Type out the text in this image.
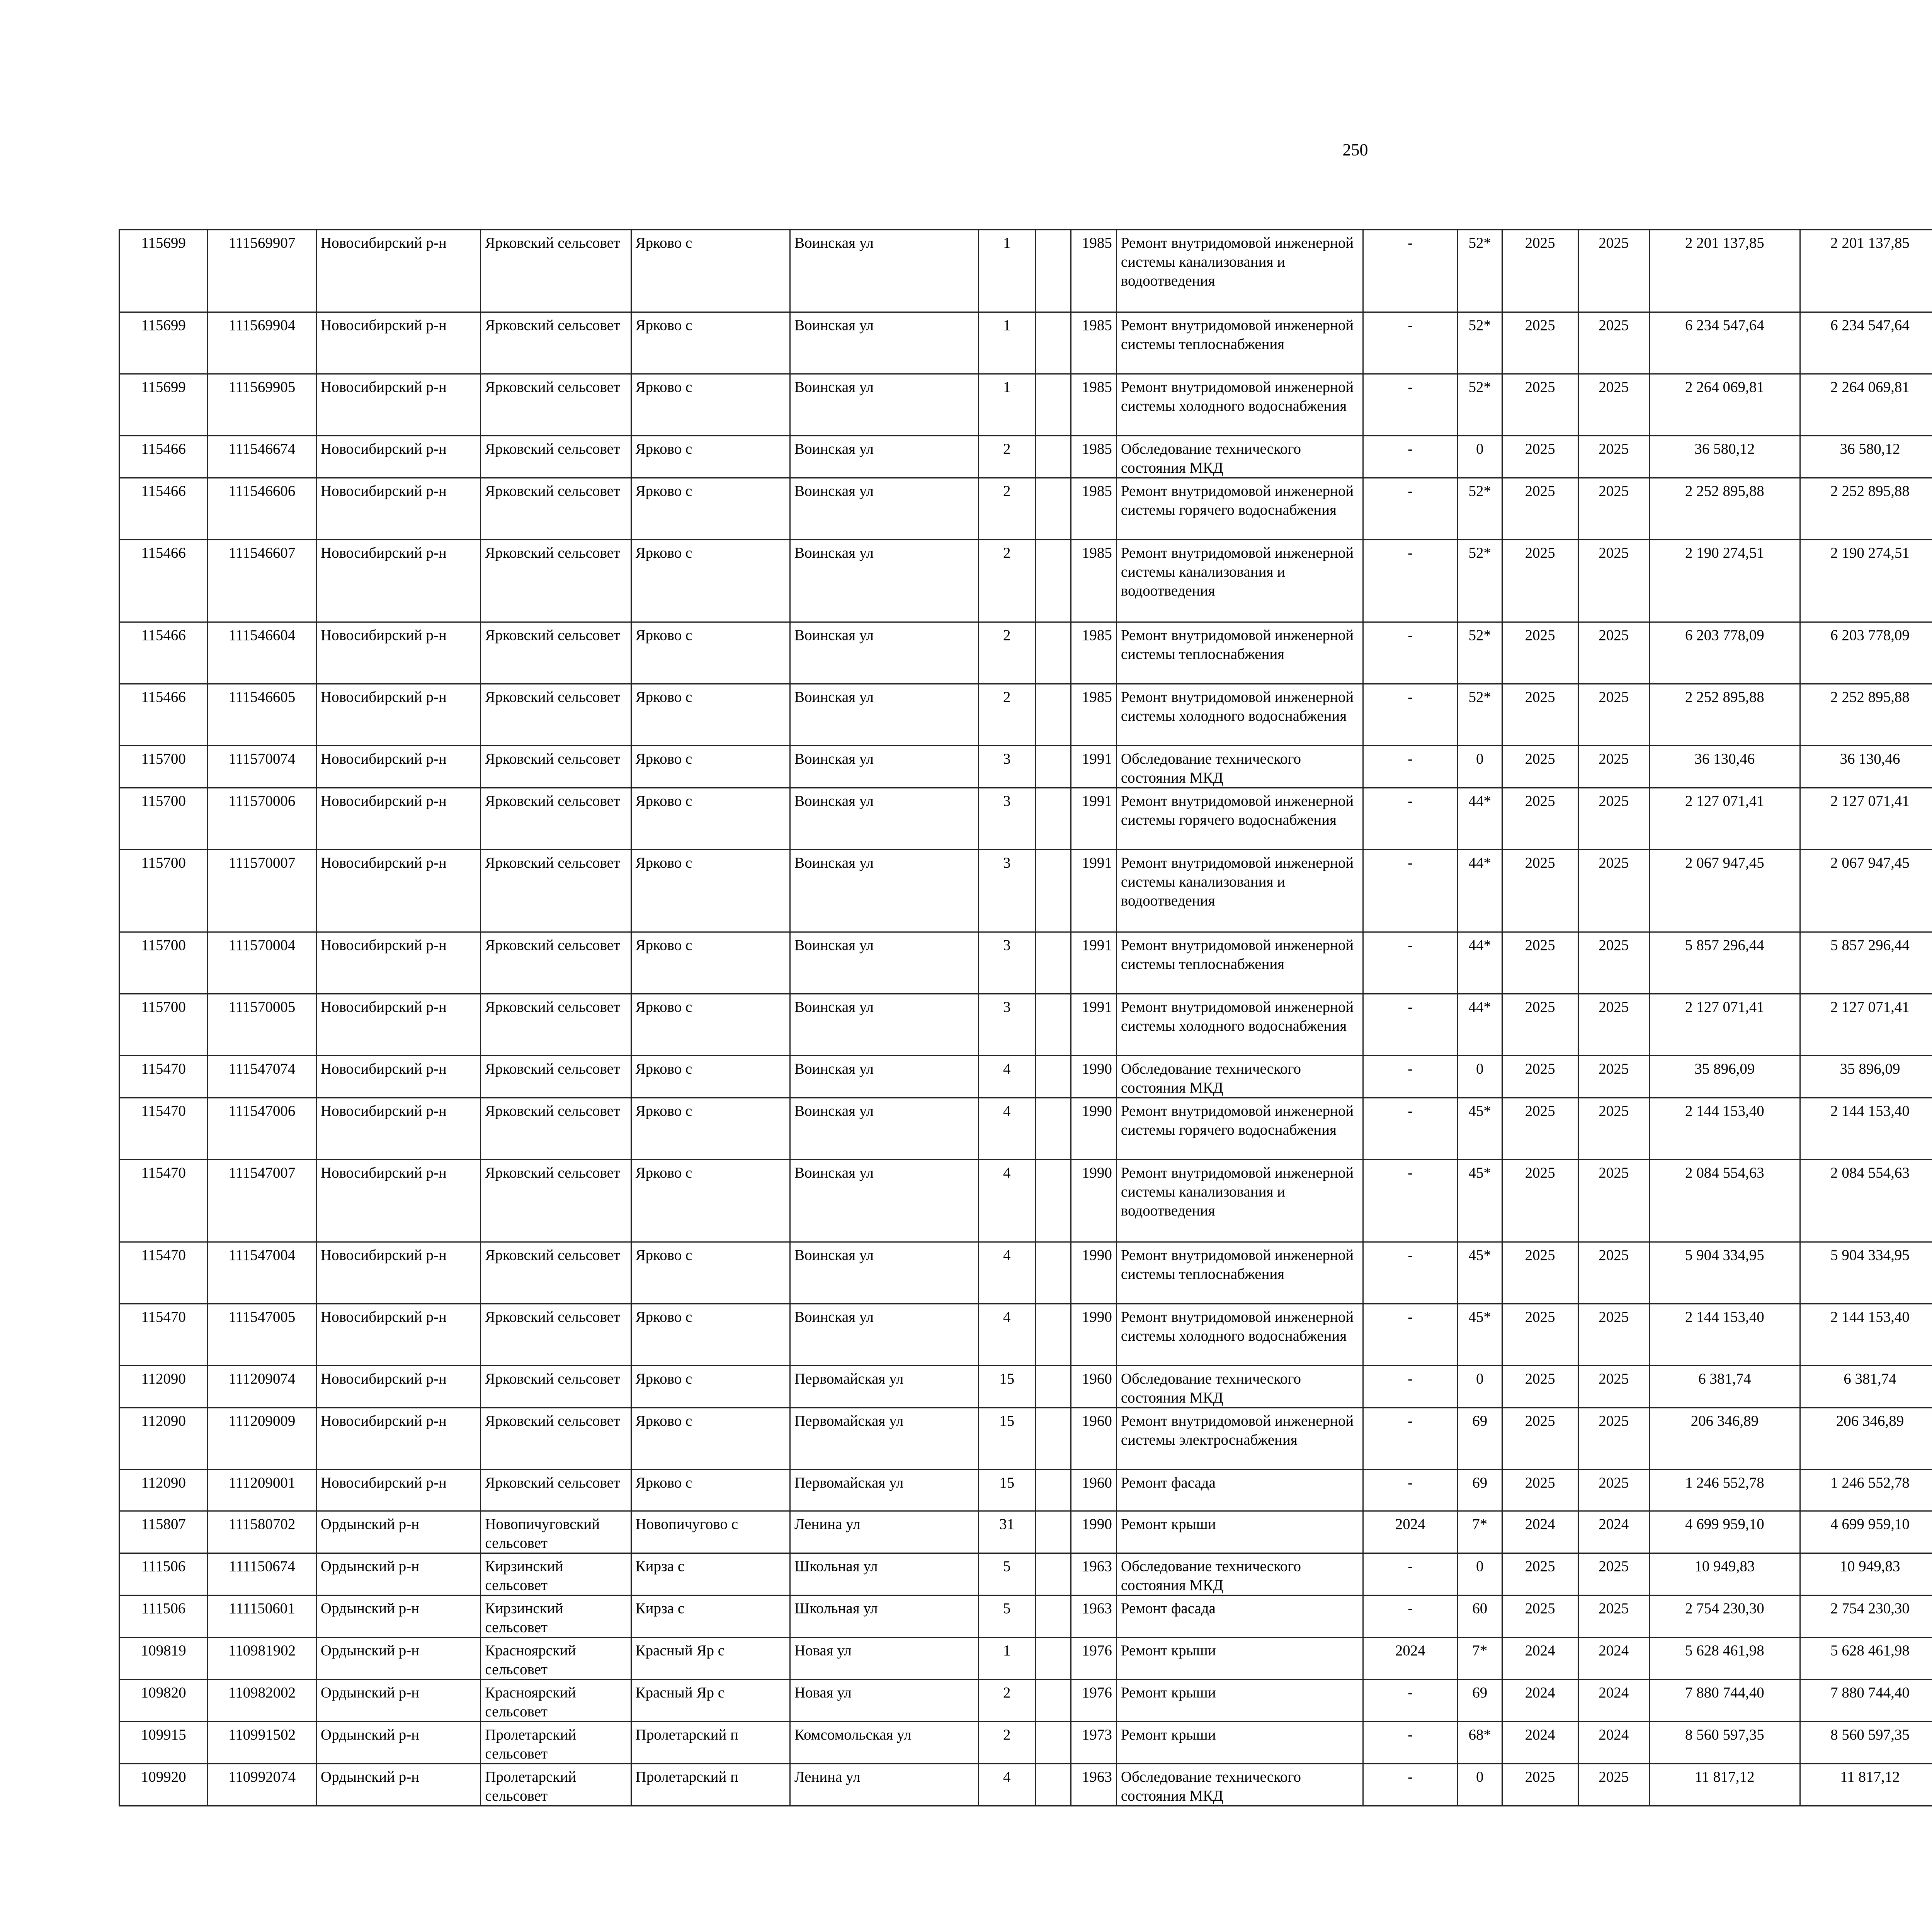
250
115699	111569907	Новосибирский р-н	Ярковский сельсовет	Ярково с	Воинская ул	1		1985	Ремонт внутридомовой инженерной системы канализования и водоотведения	-	52*	2025	2025	2 201 137,85	2 201 137,85						
115699	111569904	Новосибирский р-н	Ярковский сельсовет	Ярково с	Воинская ул	1		1985	Ремонт внутридомовой инженерной системы теплоснабжения	-	52*	2025	2025	6 234 547,64	6 234 547,64						
115699	111569905	Новосибирский р-н	Ярковский сельсовет	Ярково с	Воинская ул	1		1985	Ремонт внутридомовой инженерной системы холодного водоснабжения	-	52*	2025	2025	2 264 069,81	2 264 069,81						
115466	111546674	Новосибирский р-н	Ярковский сельсовет	Ярково с	Воинская ул	2		1985	Обследование технического состояния МКД	-	0	2025	2025	36 580,12	36 580,12						
115466	111546606	Новосибирский р-н	Ярковский сельсовет	Ярково с	Воинская ул	2		1985	Ремонт внутридомовой инженерной системы горячего водоснабжения	-	52*	2025	2025	2 252 895,88	2 252 895,88						
115466	111546607	Новосибирский р-н	Ярковский сельсовет	Ярково с	Воинская ул	2		1985	Ремонт внутридомовой инженерной системы канализования и водоотведения	-	52*	2025	2025	2 190 274,51	2 190 274,51						
115466	111546604	Новосибирский р-н	Ярковский сельсовет	Ярково с	Воинская ул	2		1985	Ремонт внутридомовой инженерной системы теплоснабжения	-	52*	2025	2025	6 203 778,09	6 203 778,09						
115466	111546605	Новосибирский р-н	Ярковский сельсовет	Ярково с	Воинская ул	2		1985	Ремонт внутридомовой инженерной системы холодного водоснабжения	-	52*	2025	2025	2 252 895,88	2 252 895,88						
115700	111570074	Новосибирский р-н	Ярковский сельсовет	Ярково с	Воинская ул	3		1991	Обследование технического состояния МКД	-	0	2025	2025	36 130,46	36 130,46						
115700	111570006	Новосибирский р-н	Ярковский сельсовет	Ярково с	Воинская ул	3		1991	Ремонт внутридомовой инженерной системы горячего водоснабжения	-	44*	2025	2025	2 127 071,41	2 127 071,41						
115700	111570007	Новосибирский р-н	Ярковский сельсовет	Ярково с	Воинская ул	3		1991	Ремонт внутридомовой инженерной системы канализования и водоотведения	-	44*	2025	2025	2 067 947,45	2 067 947,45						
115700	111570004	Новосибирский р-н	Ярковский сельсовет	Ярково с	Воинская ул	3		1991	Ремонт внутридомовой инженерной системы теплоснабжения	-	44*	2025	2025	5 857 296,44	5 857 296,44						
115700	111570005	Новосибирский р-н	Ярковский сельсовет	Ярково с	Воинская ул	3		1991	Ремонт внутридомовой инженерной системы холодного водоснабжения	-	44*	2025	2025	2 127 071,41	2 127 071,41						
115470	111547074	Новосибирский р-н	Ярковский сельсовет	Ярково с	Воинская ул	4		1990	Обследование технического состояния МКД	-	0	2025	2025	35 896,09	35 896,09						
115470	111547006	Новосибирский р-н	Ярковский сельсовет	Ярково с	Воинская ул	4		1990	Ремонт внутридомовой инженерной системы горячего водоснабжения	-	45*	2025	2025	2 144 153,40	2 144 153,40						
115470	111547007	Новосибирский р-н	Ярковский сельсовет	Ярково с	Воинская ул	4		1990	Ремонт внутридомовой инженерной системы канализования и водоотведения	-	45*	2025	2025	2 084 554,63	2 084 554,63						
115470	111547004	Новосибирский р-н	Ярковский сельсовет	Ярково с	Воинская ул	4		1990	Ремонт внутридомовой инженерной системы теплоснабжения	-	45*	2025	2025	5 904 334,95	5 904 334,95						
115470	111547005	Новосибирский р-н	Ярковский сельсовет	Ярково с	Воинская ул	4		1990	Ремонт внутридомовой инженерной системы холодного водоснабжения	-	45*	2025	2025	2 144 153,40	2 144 153,40						
112090	111209074	Новосибирский р-н	Ярковский сельсовет	Ярково с	Первомайская ул	15		1960	Обследование технического состояния МКД	-	0	2025	2025	6 381,74	6 381,74						
112090	111209009	Новосибирский р-н	Ярковский сельсовет	Ярково с	Первомайская ул	15		1960	Ремонт внутридомовой инженерной системы электроснабжения	-	69	2025	2025	206 346,89	206 346,89						
112090	111209001	Новосибирский р-н	Ярковский сельсовет	Ярково с	Первомайская ул	15		1960	Ремонт фасада	-	69	2025	2025	1 246 552,78	1 246 552,78						
115807	111580702	Ордынский р-н	Новопичуговский сельсовет	Новопичугово с	Ленина ул	31		1990	Ремонт крыши	2024	7*	2024	2024	4 699 959,10	4 699 959,10						
111506	111150674	Ордынский р-н	Кирзинский сельсовет	Кирза с	Школьная ул	5		1963	Обследование технического состояния МКД	-	0	2025	2025	10 949,83	10 949,83						
111506	111150601	Ордынский р-н	Кирзинский сельсовет	Кирза с	Школьная ул	5		1963	Ремонт фасада	-	60	2025	2025	2 754 230,30	2 754 230,30						
109819	110981902	Ордынский р-н	Красноярский сельсовет	Красный Яр с	Новая ул	1		1976	Ремонт крыши	2024	7*	2024	2024	5 628 461,98	5 628 461,98						
109820	110982002	Ордынский р-н	Красноярский сельсовет	Красный Яр с	Новая ул	2		1976	Ремонт крыши	-	69	2024	2024	7 880 744,40	7 880 744,40						
109915	110991502	Ордынский р-н	Пролетарский сельсовет	Пролетарский п	Комсомольская ул	2		1973	Ремонт крыши	-	68*	2024	2024	8 560 597,35	8 560 597,35						
109920	110992074	Ордынский р-н	Пролетарский сельсовет	Пролетарский п	Ленина ул	4		1963	Обследование технического состояния МКД	-	0	2025	2025	11 817,12	11 817,12						
